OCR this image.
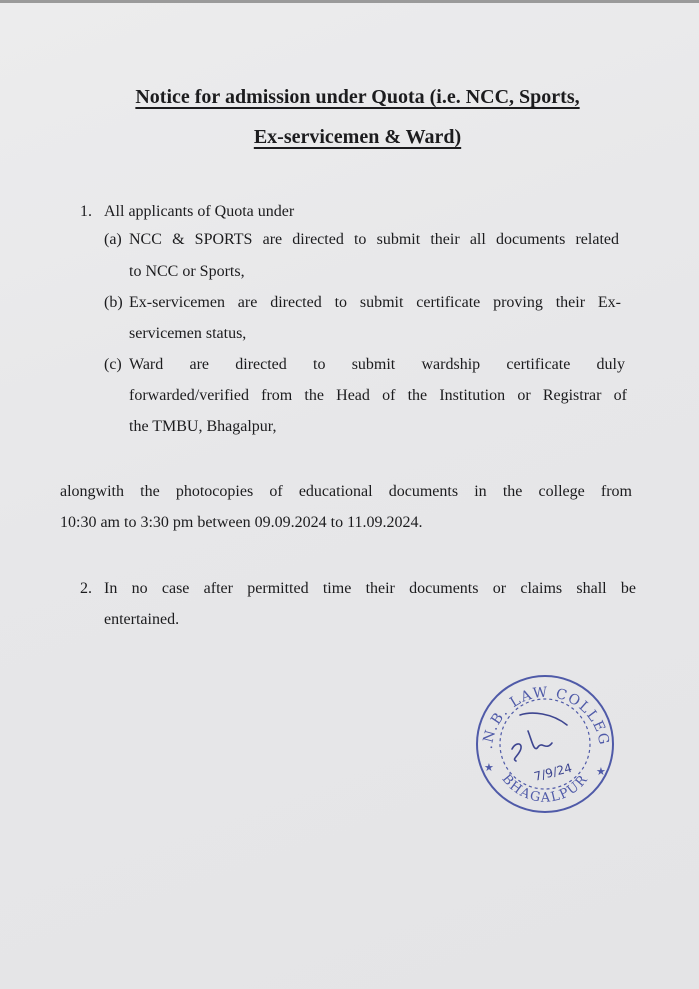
Notice for admission under Quota (i.e. NCC, Sports,
Ex-servicemen & Ward)
1. All applicants of Quota under
(a) NCC & SPORTS are directed to submit their all documents related
to NCC or Sports,
(b) Ex-servicemen are directed to submit certificate proving their Ex-
servicemen status,
(c) Ward are directed to submit wardship certificate duly
forwarded/verified from the Head of the Institution or Registrar of
the TMBU, Bhagalpur,
alongwith the photocopies of educational documents in the college from
10:30 am to 3:30 pm between 09.09.2024 to 11.09.2024.
2. In no case after permitted time their documents or claims shall be
entertained.
.N.B. LAW COLLEG
BHAGALPUR
★	★
7/9/24
